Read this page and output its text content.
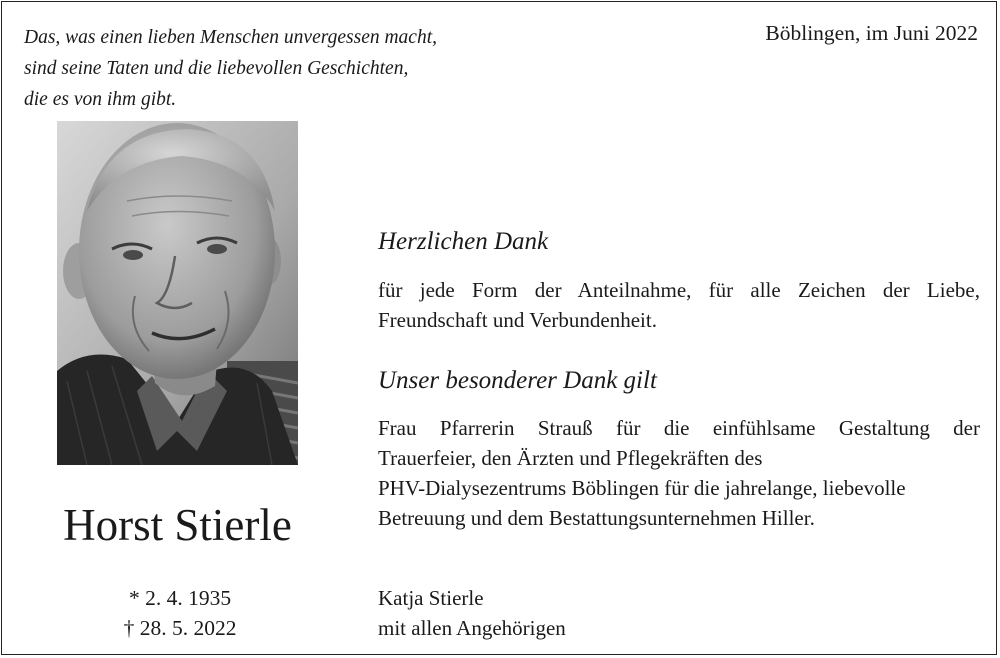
Das, was einen lieben Menschen unvergessen macht,
sind seine Taten und die liebevollen Geschichten,
die es von ihm gibt.
Böblingen, im Juni 2022
Horst Stierle
* 2. 4. 1935
† 28. 5. 2022
Herzlichen Dank
für jede Form der Anteilnahme, für alle Zeichen der Liebe,
Freundschaft und Verbundenheit.
Unser besonderer Dank gilt
Frau Pfarrerin Strauß für die einfühlsame Gestaltung der
Trauerfeier, den Ärzten und Pflegekräften des
PHV-Dialysezentrums Böblingen für die jahrelange, liebevolle
Betreuung und dem Bestattungsunternehmen Hiller.
Katja Stierle
mit allen Angehörigen
